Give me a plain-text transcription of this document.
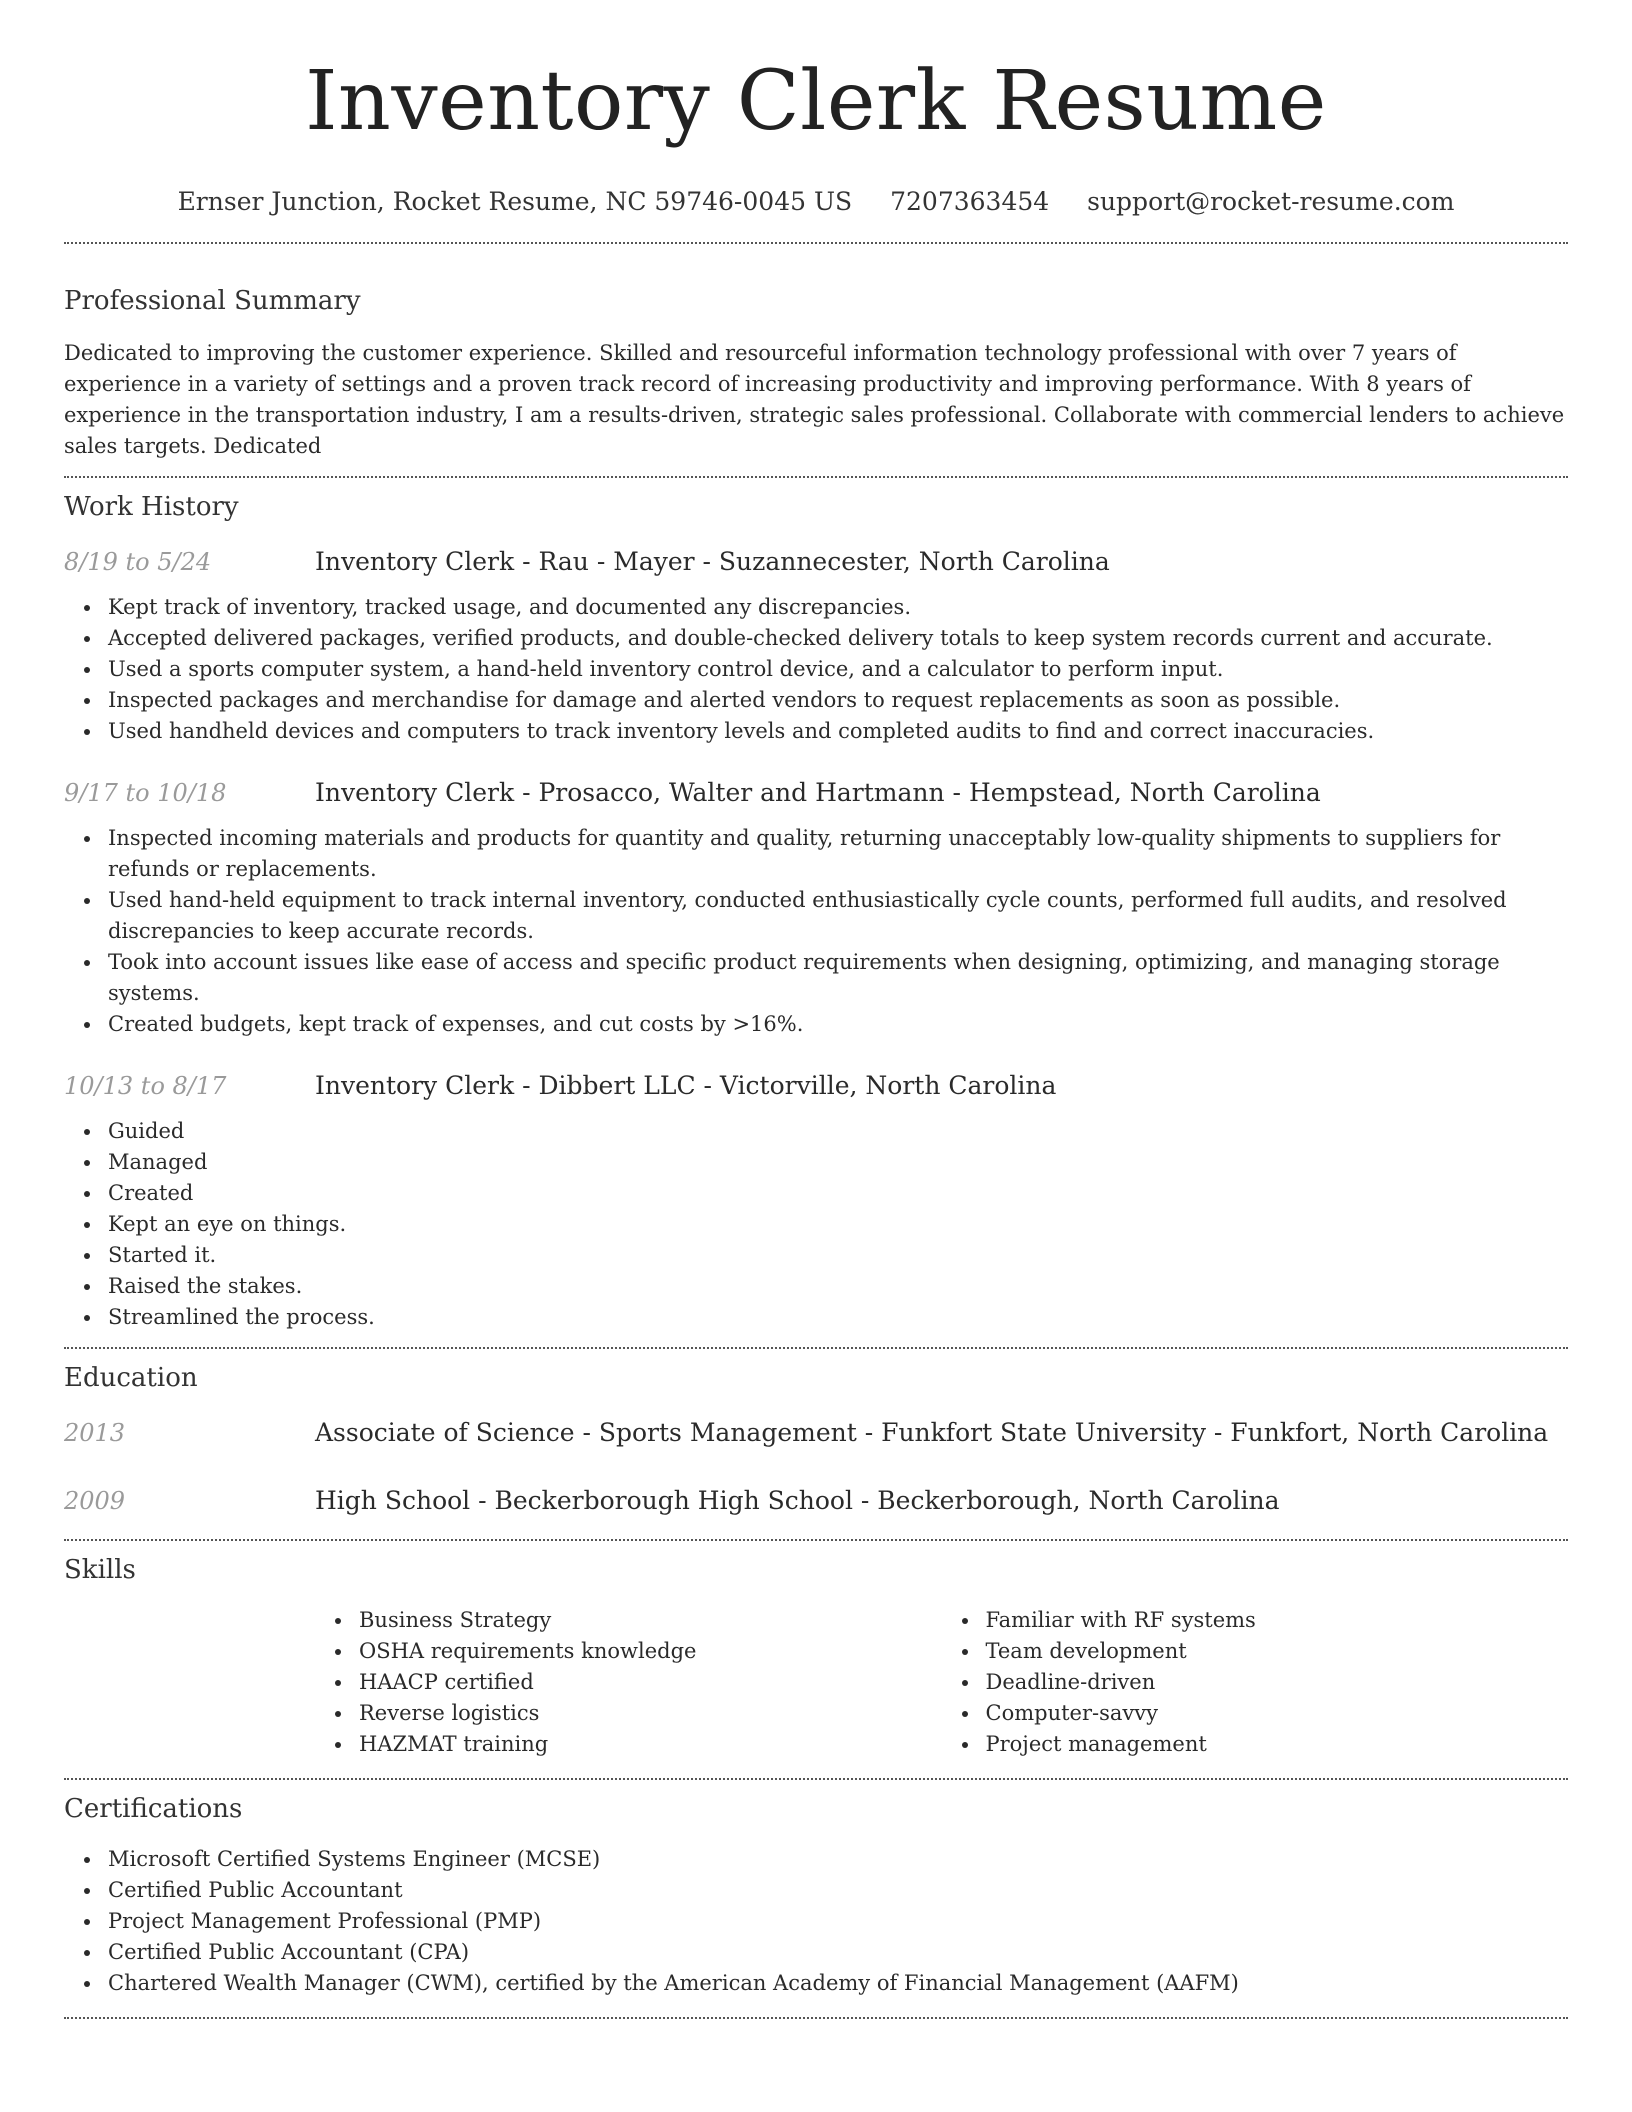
Inventory Clerk Resume
Ernser Junction, Rocket Resume, NC 59746-0045 US 7207363454 support@rocket-resume.com
Professional Summary

Dedicated to improving the customer experience. Skilled and resourceful information technology professional with over 7 years of experience in a variety of settings and a proven track record of increasing productivity and improving performance. With 8 years of experience in the transportation industry, I am a results-driven, strategic sales professional. Collaborate with commercial lenders to achieve sales targets. Dedicated

Work History
8/19 to 5/24	Inventory Clerk - Rau - Mayer - Suzannecester, North Carolina
Kept track of inventory, tracked usage, and documented any discrepancies.
Accepted delivered packages, verified products, and double-checked delivery totals to keep system records current and accurate.
Used a sports computer system, a hand-held inventory control device, and a calculator to perform input.
Inspected packages and merchandise for damage and alerted vendors to request replacements as soon as possible.
Used handheld devices and computers to track inventory levels and completed audits to find and correct inaccuracies.
9/17 to 10/18	Inventory Clerk - Prosacco, Walter and Hartmann - Hempstead, North Carolina
Inspected incoming materials and products for quantity and quality, returning unacceptably low-quality shipments to suppliers for refunds or replacements.
Used hand-held equipment to track internal inventory, conducted enthusiastically cycle counts, performed full audits, and resolved discrepancies to keep accurate records.
Took into account issues like ease of access and specific product requirements when designing, optimizing, and managing storage systems.
Created budgets, kept track of expenses, and cut costs by >16%.
10/13 to 8/17	Inventory Clerk - Dibbert LLC - Victorville, North Carolina
Guided
Managed
Created
Kept an eye on things.
Started it.
Raised the stakes.
Streamlined the process.
Education
2013	Associate of Science - Sports Management - Funkfort State University - Funkfort, North Carolina
2009	High School - Beckerborough High School - Beckerborough, North Carolina
Skills
Business Strategy
OSHA requirements knowledge
HAACP certified
Reverse logistics
HAZMAT training
Familiar with RF systems
Team development
Deadline-driven
Computer-savvy
Project management
Certifications
Microsoft Certified Systems Engineer (MCSE)
Certified Public Accountant
Project Management Professional (PMP)
Certified Public Accountant (CPA)
Chartered Wealth Manager (CWM), certified by the American Academy of Financial Management (AAFM)
